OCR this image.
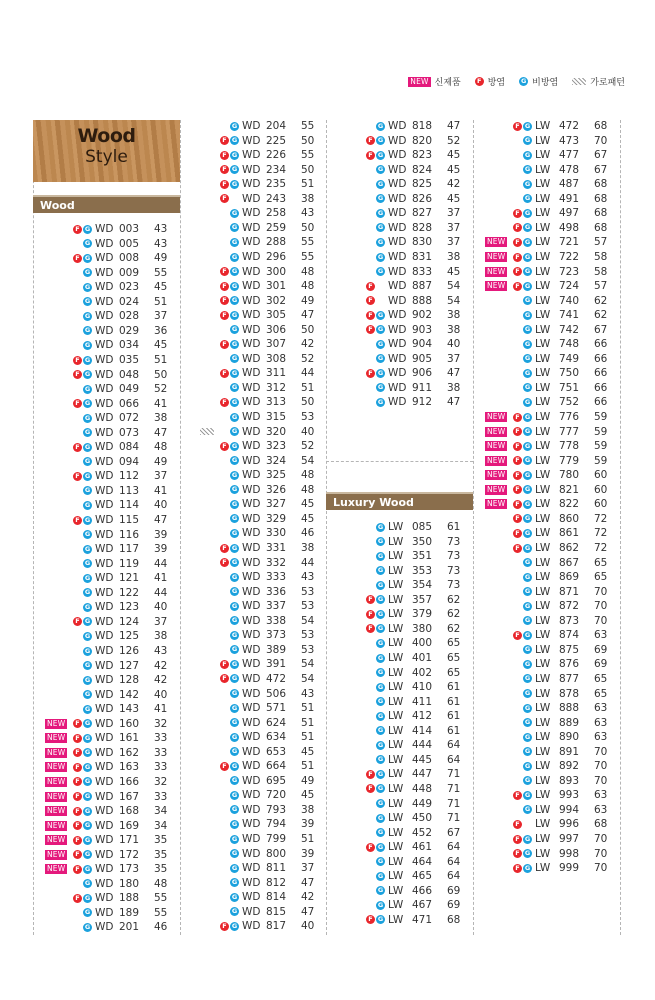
NEW 신제품	F 방염 G 비방염	가로패턴
Wood
Style
Wood
Luxury Wood
F G WD 003 43
G WD 005 43
F G WD 008 49
G WD 009 55
G WD 023 45
G WD 024 51
G WD 028 37
G WD 029 36
G WD 034 45
F G WD 035 51
F G WD 048 50
G WD 049 52
F G WD 066 41
G WD 072 38
G WD 073 47
F G WD 084 48
G WD 094 49
F G WD 112 37
G WD 113 41
G WD 114 40
F G WD 115 47
G WD 116 39
G WD 117 39
G WD 119 44
G WD 121 41
G WD 122 44
G WD 123 40
F G WD 124 37
G WD 125 38
G WD 126 43
G WD 127 42
G WD 128 42
G WD 142 40
G WD 143 41
NEW	F G WD 160 32
NEW	F G WD 161 33
NEW	F G WD 162 33
NEW	F G WD 163 33
NEW	F G WD 166 32
NEW	F G WD 167 33
NEW	F G WD 168 34
NEW	F G WD 169 34
NEW	F G WD 171 35
NEW	F G WD 172 35
NEW	F G WD 173 35
G WD 180 48
F G WD 188 55
G WD 189 55
G WD 201 46
G WD 204 55
F G WD 225 50
F G WD 226 55
F G WD 234 50
F G WD 235 51
F WD 243 38
G WD 258 43
G WD 259 50
G WD 288 55
G WD 296 55
F G WD 300 48
F G WD 301 48
F G WD 302 49
F G WD 305 47
G WD 306 50
F G WD 307 42
G WD 308 52
F G WD 311 44
G WD 312 51
F G WD 313 50
G WD 315 53
G WD 320 40
F G WD 323 52
G WD 324 54
G WD 325 48
G WD 326 48
G WD 327 45
G WD 329 45
G WD 330 46
F G WD 331 38
F G WD 332 44
G WD 333 43
G WD 336 53
G WD 337 53
G WD 338 54
G WD 373 53
G WD 389 53
F G WD 391 54
F G WD 472 54
G WD 506 43
G WD 571 51
G WD 624 51
G WD 634 51
G WD 653 45
F G WD 664 51
G WD 695 49
G WD 720 45
G WD 793 38
G WD 794 39
G WD 799 51
G WD 800 39
G WD 811 37
G WD 812 47
G WD 814 42
G WD 815 47
F G WD 817 40
G WD 818 47
F G WD 820 52
F G WD 823 45
G WD 824 45
G WD 825 42
G WD 826 45
G WD 827 37
G WD 828 37
G WD 830 37
G WD 831 38
G WD 833 45
F WD 887 54
F WD 888 54
F G WD 902 38
F G WD 903 38
G WD 904 40
G WD 905 37
F G WD 906 47
G WD 911 38
G WD 912 47
G LW 085 61
G LW 350 73
G LW 351 73
G LW 353 73
G LW 354 73
F G LW 357 62
F G LW 379 62
F G LW 380 62
G LW 400 65
G LW 401 65
G LW 402 65
G LW 410 61
G LW 411 61
G LW 412 61
G LW 414 61
G LW 444 64
G LW 445 64
F G LW 447 71
F G LW 448 71
G LW 449 71
G LW 450 71
G LW 452 67
F G LW 461 64
G LW 464 64
G LW 465 64
G LW 466 69
G LW 467 69
F G LW 471 68
F G LW 472 68
G LW 473 70
G LW 477 67
G LW 478 67
G LW 487 68
G LW 491 68
F G LW 497 68
F G LW 498 68
NEW	F G LW 721 57
NEW	F G LW 722 58
NEW	F G LW 723 58
NEW	F G LW 724 57
G LW 740 62
G LW 741 62
G LW 742 67
G LW 748 66
G LW 749 66
G LW 750 66
G LW 751 66
G LW 752 66
NEW	F G LW 776 59
NEW	F G LW 777 59
NEW	F G LW 778 59
NEW	F G LW 779 59
NEW	F G LW 780 60
NEW	F G LW 821 60
NEW	F G LW 822 60
F G LW 860 72
F G LW 861 72
F G LW 862 72
G LW 867 65
G LW 869 65
G LW 871 70
G LW 872 70
G LW 873 70
F G LW 874 63
G LW 875 69
G LW 876 69
G LW 877 65
G LW 878 65
G LW 888 63
G LW 889 63
G LW 890 63
G LW 891 70
G LW 892 70
G LW 893 70
F G LW 993 63
G LW 994 63
F LW 996 68
F G LW 997 70
F G LW 998 70
F G LW 999 70
